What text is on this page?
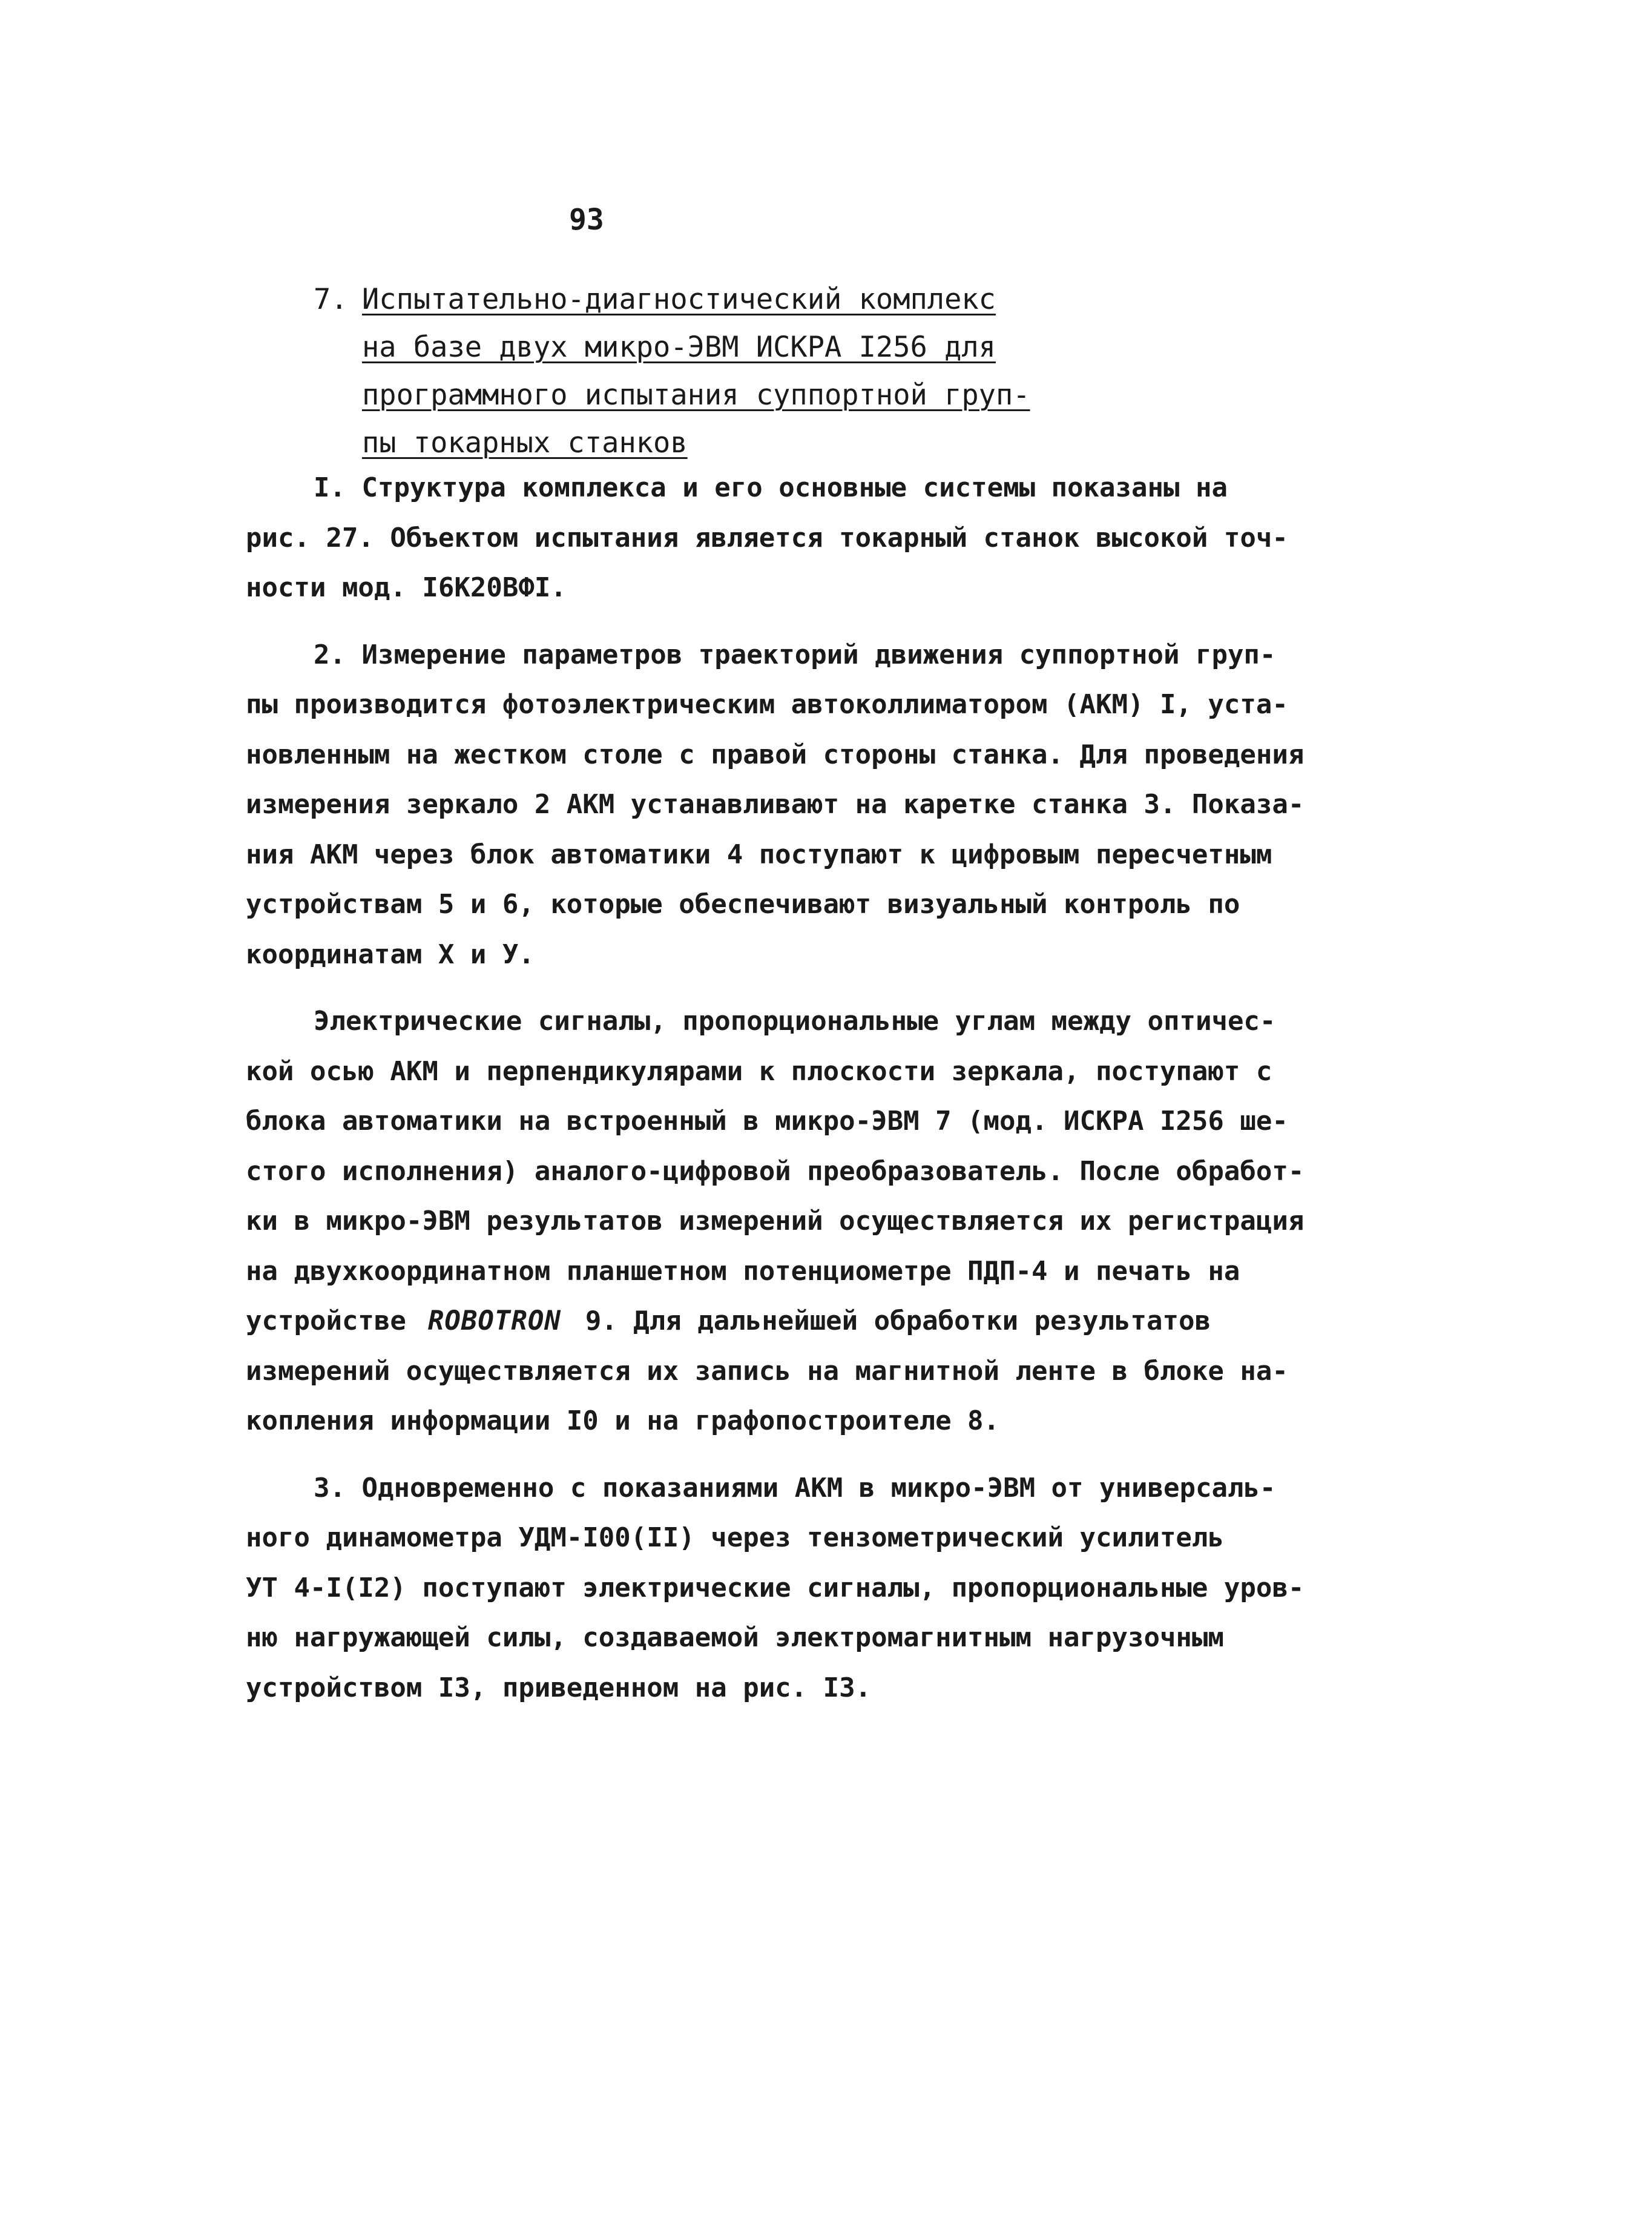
93
7. Испытательно-диагностический комплекс
на базе двух микро-ЭВМ ИСКРА I256 для
программного испытания суппортной груп-
пы токарных станков
I. Структура комплекса и его основные системы показаны на
рис. 27. Объектом испытания является токарный станок высокой точ-
ности мод. I6К20ВФI.
2. Измерение параметров траекторий движения суппортной груп-
пы производится фотоэлектрическим автоколлиматором (АКМ) I, уста-
новленным на жестком столе с правой стороны станка. Для проведения
измерения зеркало 2 АКМ устанавливают на каретке станка 3. Показа-
ния АКМ через блок автоматики 4 поступают к цифровым пересчетным
устройствам 5 и 6, которые обеспечивают визуальный контроль по
координатам Х и У.
Электрические сигналы, пропорциональные углам между оптичес-
кой осью АКМ и перпендикулярами к плоскости зеркала, поступают с
блока автоматики на встроенный в микро-ЭВМ 7 (мод. ИСКРА I256 ше-
стого исполнения) аналого-цифровой преобразователь. После обработ-
ки в микро-ЭВМ результатов измерений осуществляется их регистрация
на двухкоординатном планшетном потенциометре ПДП-4 и печать на
устройстве ROBOTRON 9. Для дальнейшей обработки результатов
измерений осуществляется их запись на магнитной ленте в блоке на-
копления информации I0 и на графопостроителе 8.
3. Одновременно с показаниями АКМ в микро-ЭВМ от универсаль-
ного динамометра УДМ-I00(II) через тензометрический усилитель
УТ 4-I(I2) поступают электрические сигналы, пропорциональные уров-
ню нагружающей силы, создаваемой электромагнитным нагрузочным
устройством I3, приведенном на рис. I3.
